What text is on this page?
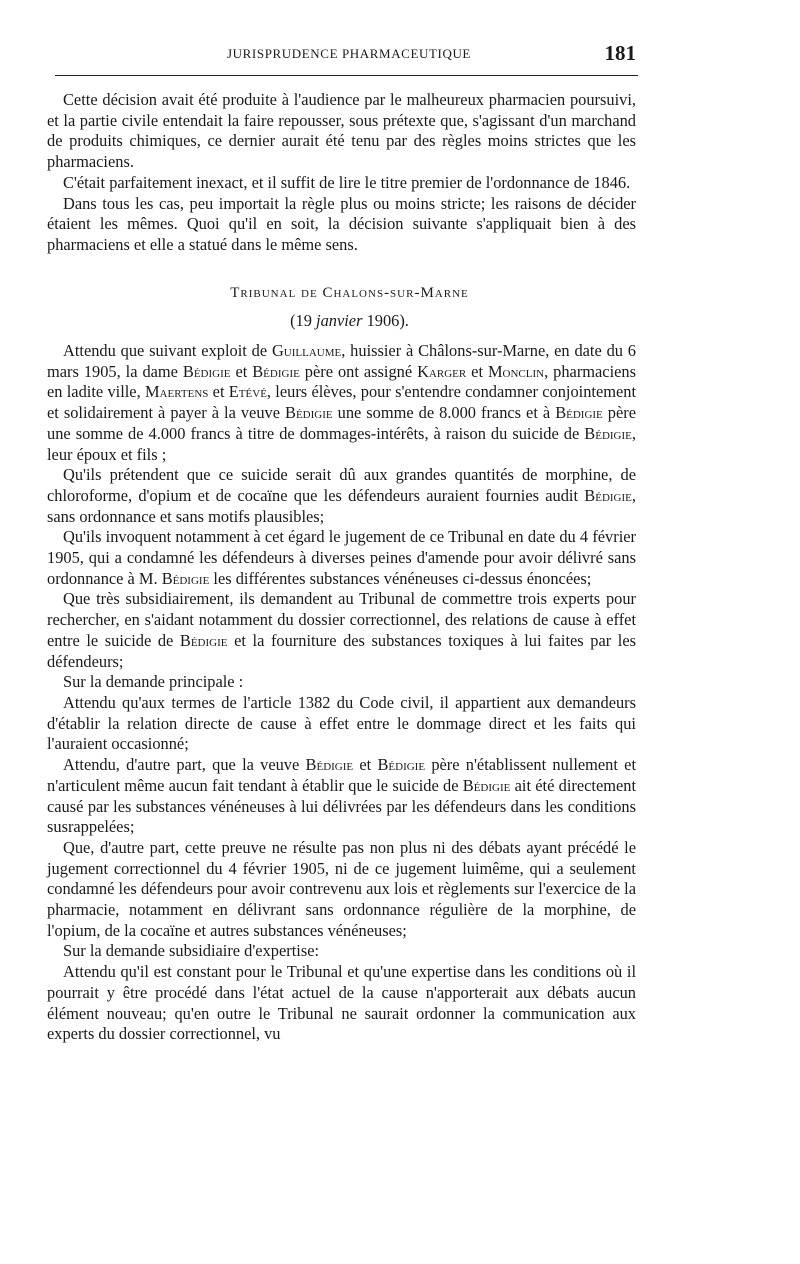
JURISPRUDENCE PHARMACEUTIQUE	181

Cette décision avait été produite à l'audience par le malheureux pharmacien poursuivi, et la partie civile entendait la faire repousser, sous prétexte que, s'agissant d'un marchand de produits chimiques, ce dernier aurait été tenu par des règles moins strictes que les pharmaciens.

C'était parfaitement inexact, et il suffit de lire le titre premier de l'ordonnance de 1846.

Dans tous les cas, peu importait la règle plus ou moins stricte; les raisons de décider étaient les mêmes. Quoi qu'il en soit, la décision suivante s'appliquait bien à des pharmaciens et elle a statué dans le même sens.

Tribunal de Chalons-sur-Marne

(19 janvier 1906).

Attendu que suivant exploit de Guillaume, huissier à Châlons-sur-Marne, en date du 6 mars 1905, la dame Bédigie et Bédigie père ont assigné Karger et Monclin, pharmaciens en ladite ville, Maertens et Etévé, leurs élèves, pour s'entendre condamner conjointement et solidairement à payer à la veuve Bédigie une somme de 8.000 francs et à Bédigie père une somme de 4.000 francs à titre de dommages-intérêts, à raison du suicide de Bédigie, leur époux et fils ;

Qu'ils prétendent que ce suicide serait dû aux grandes quantités de morphine, de chloroforme, d'opium et de cocaïne que les défendeurs auraient fournies audit Bédigie, sans ordonnance et sans motifs plausibles;

Qu'ils invoquent notamment à cet égard le jugement de ce Tribunal en date du 4 février 1905, qui a condamné les défendeurs à diverses peines d'amende pour avoir délivré sans ordonnance à M. Bédigie les différentes substances vénéneuses ci-dessus énoncées;

Que très subsidiairement, ils demandent au Tribunal de commettre trois experts pour rechercher, en s'aidant notamment du dossier correctionnel, des relations de cause à effet entre le suicide de Bédigie et la fourniture des substances toxiques à lui faites par les défendeurs;

Sur la demande principale :

Attendu qu'aux termes de l'article 1382 du Code civil, il appartient aux demandeurs d'établir la relation directe de cause à effet entre le dommage direct et les faits qui l'auraient occasionné;

Attendu, d'autre part, que la veuve Bédigie et Bédigie père n'établissent nullement et n'articulent même aucun fait tendant à établir que le suicide de Bédigie ait été directement causé par les substances vénéneuses à lui délivrées par les défendeurs dans les conditions susrappelées;

Que, d'autre part, cette preuve ne résulte pas non plus ni des débats ayant précédé le jugement correctionnel du 4 février 1905, ni de ce jugement luimême, qui a seulement condamné les défendeurs pour avoir contrevenu aux lois et règlements sur l'exercice de la pharmacie, notamment en délivrant sans ordonnance régulière de la morphine, de l'opium, de la cocaïne et autres substances vénéneuses;

Sur la demande subsidiaire d'expertise:

Attendu qu'il est constant pour le Tribunal et qu'une expertise dans les conditions où il pourrait y être procédé dans l'état actuel de la cause n'apporterait aux débats aucun élément nouveau; qu'en outre le Tribunal ne saurait ordonner la communication aux experts du dossier correctionnel, vu
